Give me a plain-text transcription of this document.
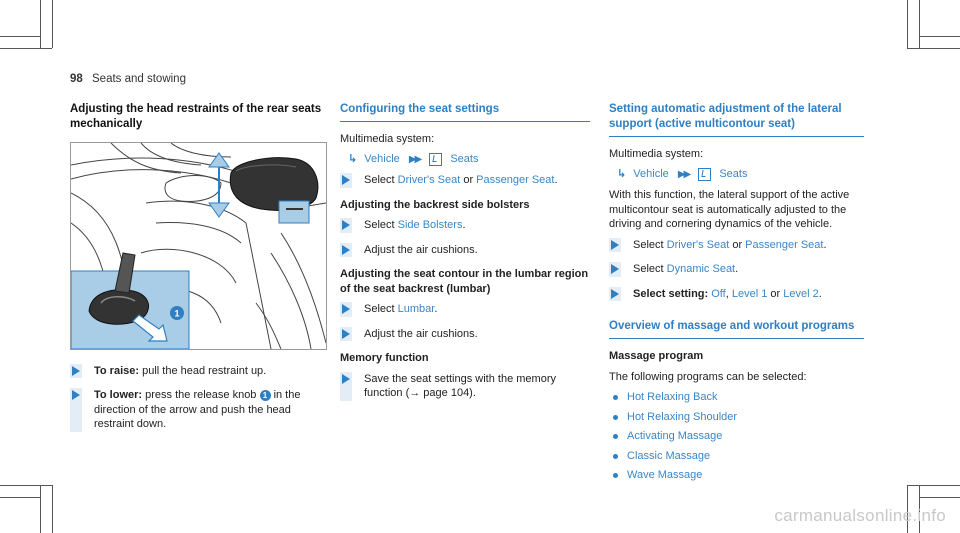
98 Seats and stowing
Adjusting the head restraints of the rear seats mechanically
1
To raise: pull the head restraint up.
To lower: press the release knob 1 in the direction of the arrow and push the head restraint down.
Configuring the seat settings

Multimedia system:

↳ Vehicle ▶▶	Seats
Select Driver's Seat or Passenger Seat.
Adjusting the backrest side bolsters
Select Side Bolsters.
Adjust the air cushions.
Adjusting the seat contour in the lumbar region of the seat backrest (lumbar)
Select Lumbar.
Adjust the air cushions.
Memory function
Save the seat settings with the memory function (→ page 104).
Setting automatic adjustment of the lateral support (active multicontour seat)

Multimedia system:

↳ Vehicle ▶▶	Seats

With this function, the lateral support of the active multicontour seat is automatically adjusted to the driving and cornering dynamics of the vehicle.

Select Driver's Seat or Passenger Seat.
Select Dynamic Seat.
Select setting: Off, Level 1 or Level 2.
Overview of massage and workout programs
Massage program

The following programs can be selected:

Hot Relaxing Back
Hot Relaxing Shoulder
Activating Massage
Classic Massage
Wave Massage
carmanualsonline.info
